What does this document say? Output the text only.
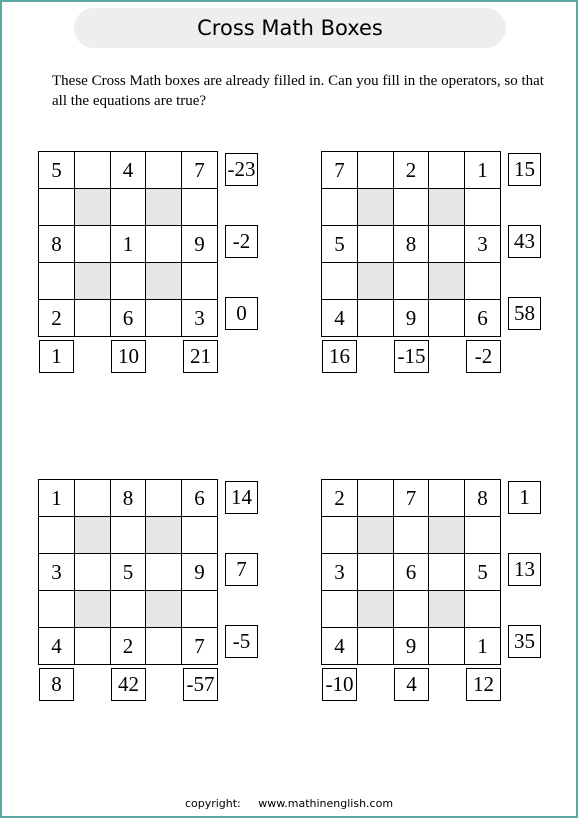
Cross Math Boxes
These Cross Math boxes are already filled in. Can you fill in the operators, so that all the equations are true?
5		4		7

8		1		9

2		6		3
-23
-2
0
1	10	21
7		2		1

5		8		3

4		9		6
15
43
58
16	-15	-2
1		8		6

3		5		9

4		2		7
14
7
-5
8	42	-57
2		7		8

3		6		5

4		9		1
1
13
35
-10	4	12
copyright: www.mathinenglish.com
